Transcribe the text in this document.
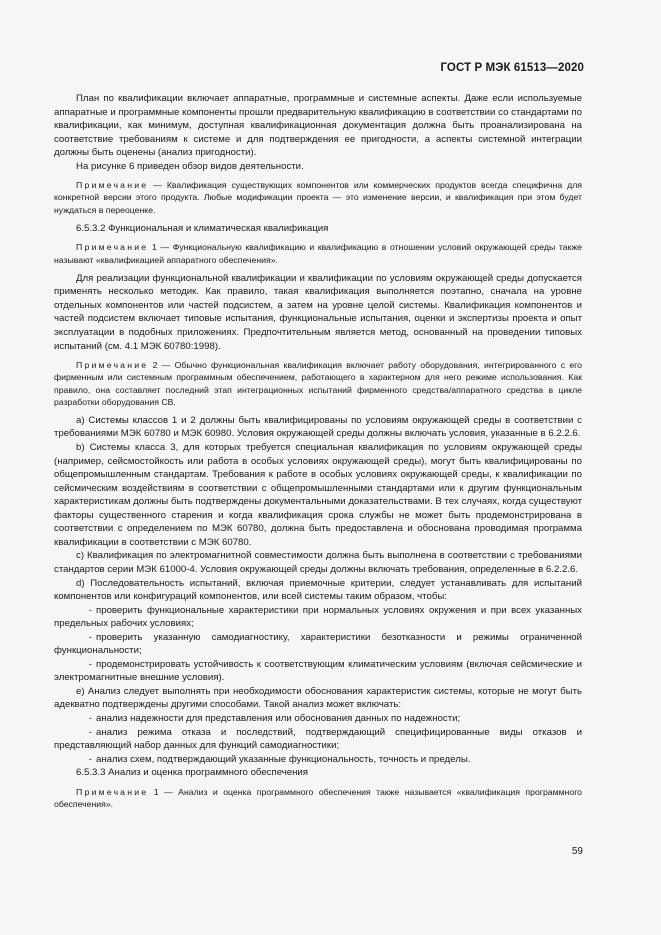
ГОСТ Р МЭК 61513—2020

План по квалификации включает аппаратные, программные и системные аспекты. Даже если используемые аппаратные и программные компоненты прошли предварительную квалификацию в соответствии со стандартами по квалификации, как минимум, доступная квалификационная документация должна быть проанализирована на соответствие требованиям к системе и для подтверждения ее пригодности, а аспекты системной интеграции должны быть оценены (анализ пригодности).

На рисунке 6 приведен обзор видов деятельности.

Примечание — Квалификация существующих компонентов или коммерческих продуктов всегда специфична для конкретной версии этого продукта. Любые модификации проекта — это изменение версии, и квалификация при этом будет нуждаться в переоценке.

6.5.3.2 Функциональная и климатическая квалификация

Примечание 1 — Функциональную квалификацию и квалификацию в отношении условий окружающей среды также называют «квалификацией аппаратного обеспечения».

Для реализации функциональной квалификации и квалификации по условиям окружающей среды допускается применять несколько методик. Как правило, такая квалификация выполняется поэтапно, сначала на уровне отдельных компонентов или частей подсистем, а затем на уровне целой системы. Квалификация компонентов и частей подсистем включает типовые испытания, функциональные испытания, оценки и экспертизы проекта и опыт эксплуатации в подобных приложениях. Предпочтительным является метод, основанный на проведении типовых испытаний (см. 4.1 МЭК 60780:1998).

Примечание 2 — Обычно функциональная квалификация включает работу оборудования, интегрированного с его фирменным или системным программным обеспечением, работающего в характерном для него режиме использования. Как правило, она составляет последний этап интеграционных испытаний фирменного средства/аппаратного средства в цикле разработки оборудования СВ.

а) Системы классов 1 и 2 должны быть квалифицированы по условиям окружающей среды в соответствии с требованиями МЭК 60780 и МЭК 60980. Условия окружающей среды должны включать условия, указанные в 6.2.2.6.

b) Системы класса 3, для которых требуется специальная квалификация по условиям окружающей среды (например, сейсмостойкость или работа в особых условиях окружающей среды), могут быть квалифицированы по общепромышленным стандартам. Требования к работе в особых условиях окружающей среды, к квалификации по сейсмическим воздействиям в соответствии с общепромышленными стандартами или к другим функциональным характеристикам должны быть подтверждены документальными доказательствами. В тех случаях, когда существуют факторы существенного старения и когда квалификация срока службы не может быть продемонстрирована в соответствии с определением по МЭК 60780, должна быть предоставлена и обоснована проводимая программа квалификации в соответствии с МЭК 60780.

с) Квалификация по электромагнитной совместимости должна быть выполнена в соответствии с требованиями стандартов серии МЭК 61000-4. Условия окружающей среды должны включать требования, определенные в 6.2.2.6.

d) Последовательность испытаний, включая приемочные критерии, следует устанавливать для испытаний компонентов или конфигураций компонентов, или всей системы таким образом, чтобы:

- проверить функциональные характеристики при нормальных условиях окружения и при всех указанных предельных рабочих условиях;

- проверить указанную самодиагностику, характеристики безотказности и режимы ограниченной функциональности;

- продемонстрировать устойчивость к соответствующим климатическим условиям (включая сейсмические и электромагнитные внешние условия).

е) Анализ следует выполнять при необходимости обоснования характеристик системы, которые не могут быть адекватно подтверждены другими способами. Такой анализ может включать:

- анализ надежности для представления или обоснования данных по надежности;

- анализ режима отказа и последствий, подтверждающий специфицированные виды отказов и представляющий набор данных для функций самодиагностики;

- анализ схем, подтверждающий указанные функциональность, точность и пределы.

6.5.3.3 Анализ и оценка программного обеспечения

Примечание 1 — Анализ и оценка программного обеспечения также называется «квалификация программного обеспечения».

59
